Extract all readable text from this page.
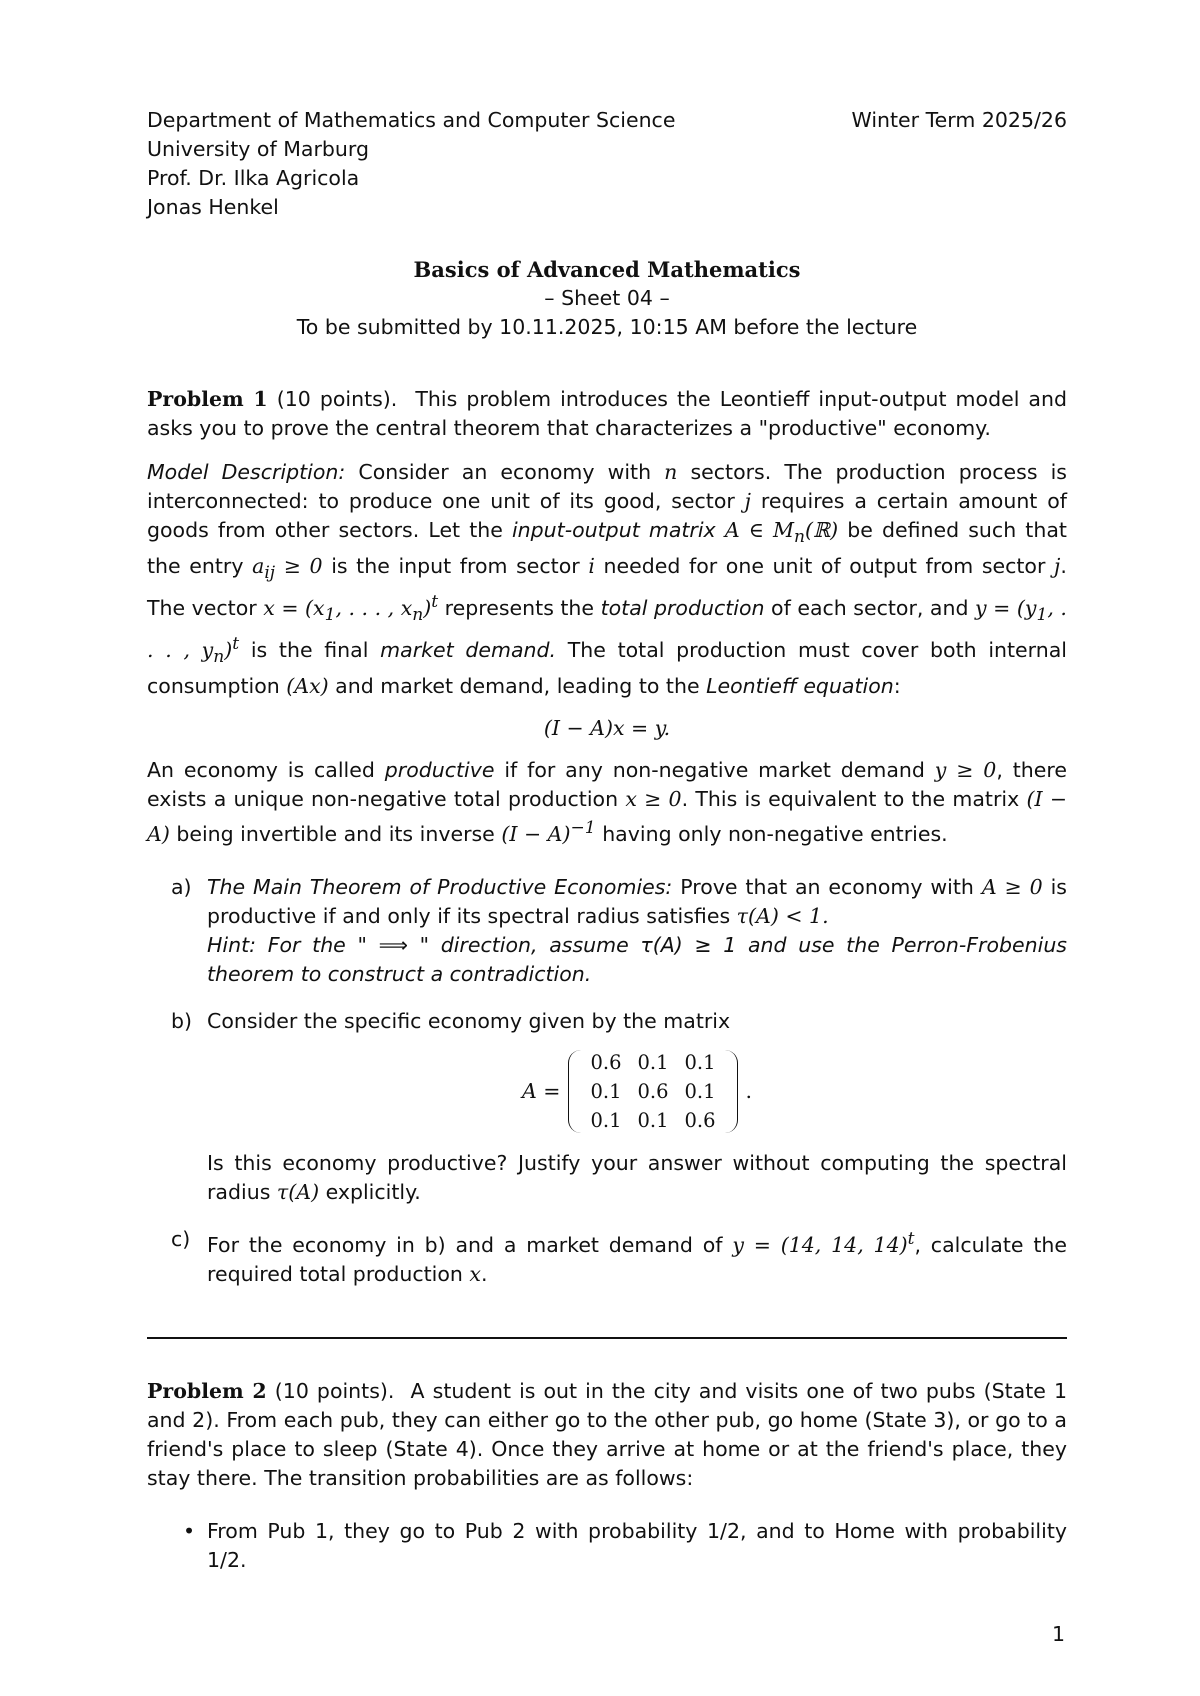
Department of Mathematics and Computer Science
University of Marburg
Prof. Dr. Ilka Agricola
Jonas Henkel
Winter Term 2025/26
Basics of Advanced Mathematics
– Sheet 04 –
To be submitted by 10.11.2025, 10:15 AM before the lecture
Problem 1 (10 points). This problem introduces the Leontieff input-output model and asks you to prove the central theorem that characterizes a "productive" economy.
Model Description: Consider an economy with n sectors. The production process is interconnected: to produce one unit of its good, sector j requires a certain amount of goods from other sectors. Let the input-output matrix A ∈ $M_n(ℝ)$ be defined such that the entry $a_{ij} \ge 0$ is the input from sector i needed for one unit of output from sector j. The vector $x = (x_1$, . . . , $x_n)^t$ represents the total production of each sector, and $y = (y_1$, . . . , $y_n)^t$ is the final market demand. The total production must cover both internal consumption (Ax) and market demand, leading to the Leontieff equation:
(I − A)x = y.
An economy is called productive if for any non-negative market demand y ≥ 0, there exists a unique non-negative total production x ≥ 0. This is equivalent to the matrix (I − A) being invertible and its inverse $(I - A)^{-1}$ having only non-negative entries.
a) The Main Theorem of Productive Economies: Prove that an economy with A ≥ 0 is productive if and only if its spectral radius satisfies τ(A) < 1.
Hint: For the " ⟹ " direction, assume τ(A) ≥ 1 and use the Perron-Frobenius theorem to construct a contradiction.
b) Consider the specific economy given by the matrix
A =
0.6	0.1	0.1
0.1	0.6	0.1
0.1	0.1	0.6
.
Is this economy productive? Justify your answer without computing the spectral radius τ(A) explicitly.
c) For the economy in b) and a market demand of y = (14, 14, 14)$^t$, calculate the required total production x.
Problem 2 (10 points). A student is out in the city and visits one of two pubs (State 1 and 2). From each pub, they can either go to the other pub, go home (State 3), or go to a friend's place to sleep (State 4). Once they arrive at home or at the friend's place, they stay there. The transition probabilities are as follows:
• From Pub 1, they go to Pub 2 with probability 1/2, and to Home with probability 1/2.
1
